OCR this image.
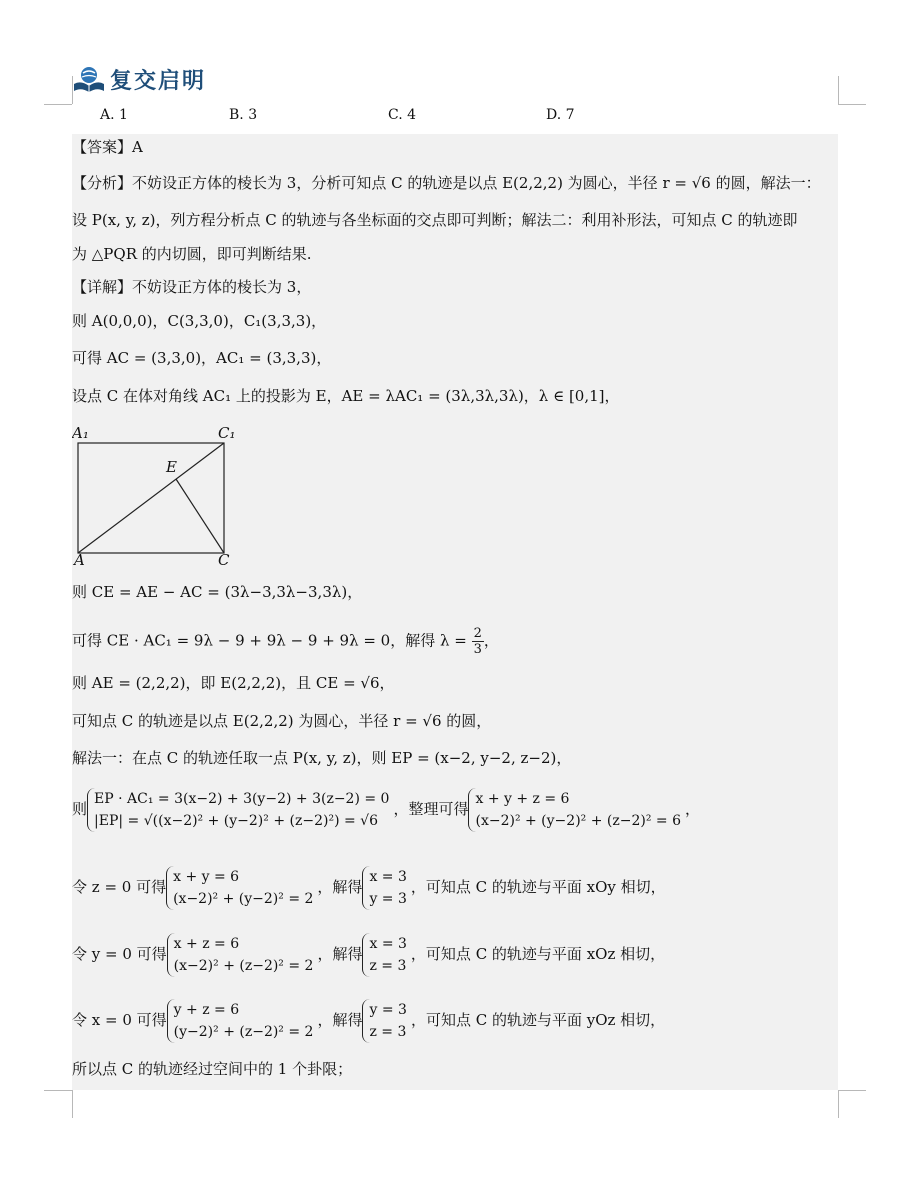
复交启明
A. 1	B. 3	C. 4	D. 7
【答案】A
【分析】不妨设正方体的棱长为 3，分析可知点 C 的轨迹是以点 E(2,2,2) 为圆心，半径 r = √6 的圆，解法一：
设 P(x, y, z)，列方程分析点 C 的轨迹与各坐标面的交点即可判断；解法二：利用补形法，可知点 C 的轨迹即
为 △PQR 的内切圆，即可判断结果.
【详解】不妨设正方体的棱长为 3，
则 A(0,0,0)，C(3,3,0)，C₁(3,3,3)，
可得 AC = (3,3,0)，AC₁ = (3,3,3)，
设点 C 在体对角线 AC₁ 上的投影为 E，AE = λAC₁ = (3λ,3λ,3λ)，λ ∈ [0,1]，
A₁	C₁
E
A	C
则 CE = AE − AC = (3λ−3,3λ−3,3λ)，
可得 CE · AC₁ = 9λ − 9 + 9λ − 9 + 9λ = 0，解得 $\lambda = \frac{2}{3}$ ，
则 AE = (2,2,2)，即 E(2,2,2)，且 CE = √6，
可知点 C 的轨迹是以点 E(2,2,2) 为圆心，半径 r = √6 的圆，
解法一：在点 C 的轨迹任取一点 P(x, y, z)，则 EP = (x−2, y−2, z−2)，
则
EP · AC₁ = 3(x−2) + 3(y−2) + 3(z−2) = 0
|EP| = √((x−2)² + (y−2)² + (z−2)²) = √6
，整理可得
x + y + z = 6
(x−2)² + (y−2)² + (z−2)² = 6
，
令 z = 0 可得
x + y = 6
(x−2)² + (y−2)² = 2
，解得
x = 3
y = 3
，可知点 C 的轨迹与平面 xOy 相切，
令 y = 0 可得
x + z = 6
(x−2)² + (z−2)² = 2
，解得
x = 3
z = 3
，可知点 C 的轨迹与平面 xOz 相切，
令 x = 0 可得
y + z = 6
(y−2)² + (z−2)² = 2
，解得
y = 3
z = 3
，可知点 C 的轨迹与平面 yOz 相切，
所以点 C 的轨迹经过空间中的 1 个卦限；
